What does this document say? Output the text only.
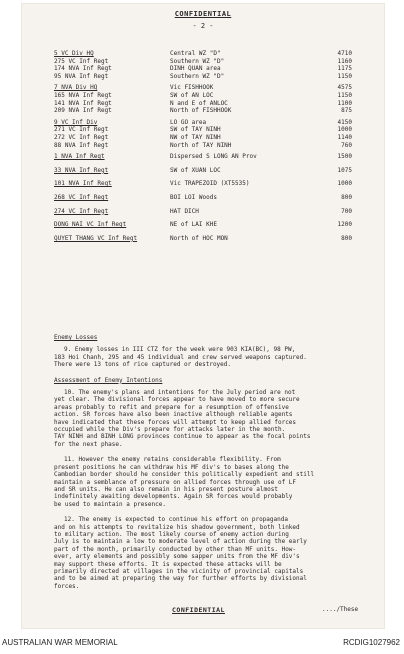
CONFIDENTIAL
- 2 -
5 VC Div HQ	Central WZ "D"	4710
275 VC Inf Regt	Southern WZ "D"	1160
174 NVA Inf Regt	DINH QUAN area	1175
95 NVA Inf Regt	Southern WZ "D"	1150
7 NVA Div HQ	Vic FISHHOOK	4575
165 NVA Inf Regt	SW of AN LOC	1150
141 NVA Inf Regt	N and E of ANLOC	1100
209 NVA Inf Regt	North of FISHHOOK	875
9 VC Inf Div	LO GO area	4150
271 VC Inf Regt	SW of TAY NINH	1000
272 VC Inf Regt	NW of TAY NINH	1140
88 NVA Inf Regt	North of TAY NINH	760
1 NVA Inf Regt	Dispersed S LONG AN Prov	1500
33 NVA Inf Regt	SW of XUAN LOC	1075
101 NVA Inf Regt	Vic TRAPEZOID (XT5535)	1000
268 VC Inf Regt	BOI LOI Woods	800
274 VC Inf Regt	HAT DICH	700
DONG NAI VC Inf Regt	NE of LAI KHE	1200
QUYET THANG VC Inf Regt	North of HOC MON	800
Enemy Losses
9. Enemy losses in III CTZ for the week were 903 KIA(BC), 98 PW,
183 Hoi Chanh, 295 and 45 individual and crew served weapons captured.
There were 13 tons of rice captured or destroyed.
Assessment of Enemy Intentions
10. The enemy's plans and intentions for the July period are not
yet clear. The divisional forces appear to have moved to more secure
areas probably to refit and prepare for a resumption of offensive
action. SR forces have also been inactive although reliable agents
have indicated that these forces will attempt to keep allied forces
occupied while the Div's prepare for attacks later in the month.
TAY NINH and BINH LONG provinces continue to appear as the focal points
for the next phase.
11. However the enemy retains considerable flexibility. From
present positions he can withdraw his MF div's to bases along the
Cambodian border should he consider this politically expedient and still
maintain a semblance of pressure on allied forces through use of LF
and SR units. He can also remain in his present posture almost
indefinitely awaiting developments. Again SR forces would probably
be used to maintain a presence.
12. The enemy is expected to continue his effort on propaganda
and on his attempts to revitalize his shadow government, both linked
to military action. The most likely course of enemy action during
July is to maintain a low to moderate level of action during the early
part of the month, primarily conducted by other than MF units. How-
ever, arty elements and possibly some sapper units from the MF div's
may support these efforts. It is expected these attacks will be
primarily directed at villages in the vicinity of provincial capitals
and to be aimed at preparing the way for further efforts by divisional
forces.
CONFIDENTIAL	..../These
AUSTRALIAN WAR MEMORIAL	RCDIG1027962
